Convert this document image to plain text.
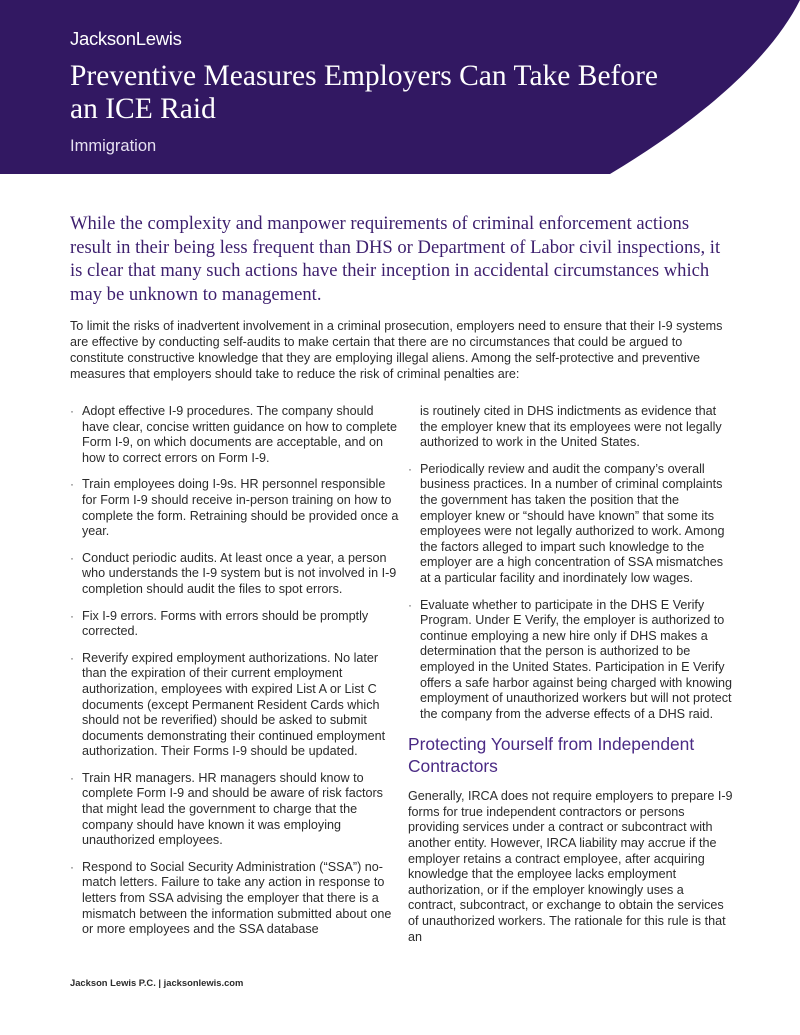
JacksonLewis
Preventive Measures Employers Can Take Before an ICE Raid
Immigration

While the complexity and manpower requirements of criminal enforcement actions result in their being less frequent than DHS or Department of Labor civil inspections, it is clear that many such actions have their inception in accidental circumstances which may be unknown to management.

To limit the risks of inadvertent involvement in a criminal prosecution, employers need to ensure that their I-9 systems are effective by conducting self-audits to make certain that there are no circumstances that could be argued to constitute constructive knowledge that they are employing illegal aliens. Among the self-protective and preventive measures that employers should take to reduce the risk of criminal penalties are:

· Adopt effective I-9 procedures. The company should have clear, concise written guidance on how to complete Form I-9, on which documents are acceptable, and on how to correct errors on Form I-9.
· Train employees doing I-9s. HR personnel responsible for Form I-9 should receive in-person training on how to complete the form. Retraining should be provided once a year.
· Conduct periodic audits. At least once a year, a person who understands the I-9 system but is not involved in I-9 completion should audit the files to spot errors.
· Fix I-9 errors. Forms with errors should be promptly corrected.
· Reverify expired employment authorizations. No later than the expiration of their current employment authorization, employees with expired List A or List C documents (except Permanent Resident Cards which should not be reverified) should be asked to submit documents demonstrating their continued employment authorization. Their Forms I-9 should be updated.
· Train HR managers. HR managers should know to complete Form I-9 and should be aware of risk factors that might lead the government to charge that the company should have known it was employing unauthorized employees.
· Respond to Social Security Administration (“SSA”) no-match letters. Failure to take any action in response to letters from SSA advising the employer that there is a mismatch between the information submitted about one or more employees and the SSA database

is routinely cited in DHS indictments as evidence that the employer knew that its employees were not legally authorized to work in the United States.

· Periodically review and audit the company’s overall business practices. In a number of criminal complaints the government has taken the position that the employer knew or “should have known” that some its employees were not legally authorized to work. Among the factors alleged to impart such knowledge to the employer are a high concentration of SSA mismatches at a particular facility and inordinately low wages.
· Evaluate whether to participate in the DHS E Verify Program. Under E Verify, the employer is authorized to continue employing a new hire only if DHS makes a determination that the person is authorized to be employed in the United States. Participation in E Verify offers a safe harbor against being charged with knowing employment of unauthorized workers but will not protect the company from the adverse effects of a DHS raid.
Protecting Yourself from Independent Contractors

Generally, IRCA does not require employers to prepare I-9 forms for true independent contractors or persons providing services under a contract or subcontract with another entity. However, IRCA liability may accrue if the employer retains a contract employee, after acquiring knowledge that the employee lacks employment authorization, or if the employer knowingly uses a contract, subcontract, or exchange to obtain the services of unauthorized workers. The rationale for this rule is that an

Jackson Lewis P.C. | jacksonlewis.com
